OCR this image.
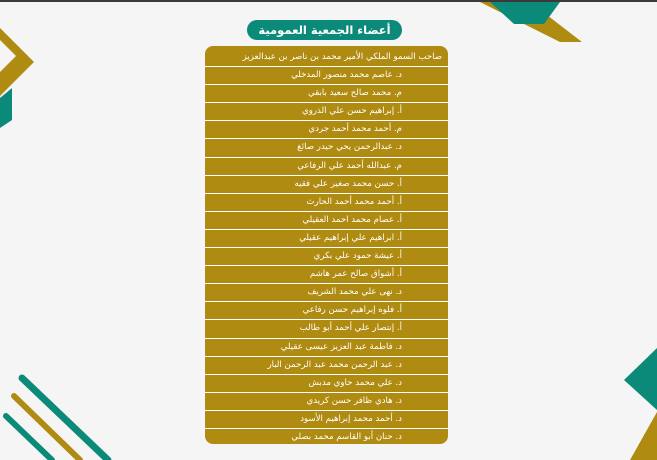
أعضاء الجمعية العمومية
صاحب السمو الملكي الأمير محمد بن ناصر بن عبدالعزيز
د. عاصم محمد منصور المدخلي
م. محمد صالح سعيد بابقي
أ. إبراهيم حسن علي الذروي
م. أحمد محمد أحمد جردي
د. عبدالرحمن يحي حيدر صائغ
م. عبدالله أحمد علي الرفاعي
أ. حسن محمد صغير علي فقيه
أ. أحمد محمد أحمد الحارث
أ. عصام محمد احمد العقيلي
أ. ابراهيم علي إبراهيم عقيلي
أ. عيشة حمود علي بكري
أ. أشواق صالح عمر هاشم
د. نهى علي محمد الشريف
أ. فلوه إبراهيم حسن رفاعي
أ. إنتصار علي أحمد أبو طالب
د. فاطمة عبد العزيز عيسى عقيلي
د. عبد الرحمن محمد عبد الرحمن البار
د. علي محمد حاوي مدبش
د. هادي ظافر حسن كريدي
د. أحمد محمد إبراهيم الأسود
د. حنان أبو القاسم محمد بصلي
